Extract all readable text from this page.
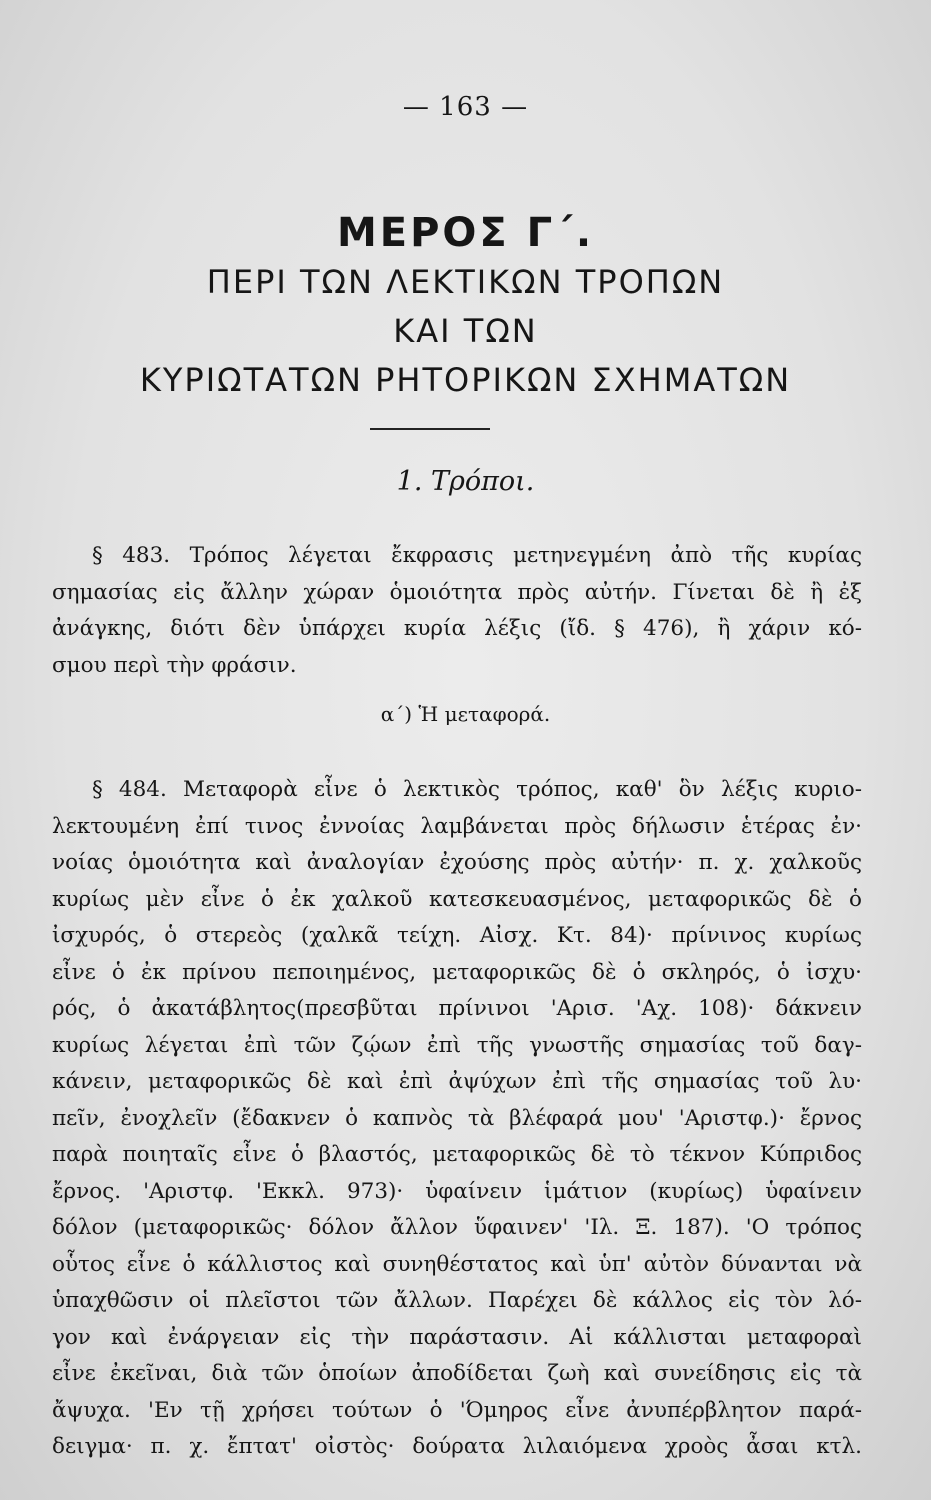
— 163 —
ΜΕΡΟΣ Γ΄.
ΠΕΡΙ ΤΩΝ ΛΕΚΤΙΚΩΝ ΤΡΟΠΩΝ
ΚΑΙ ΤΩΝ
ΚΥΡΙΩΤΑΤΩΝ ΡΗΤΟΡΙΚΩΝ ΣΧΗΜΑΤΩΝ
1. Τρόποι.
§ 483. Τρόπος λέγεται ἔκφρασις μετηνεγμένη ἀπὸ τῆς κυρίας
σημασίας εἰς ἄλλην χώραν ὁμοιότητα πρὸς αὐτήν. Γίνεται δὲ ἢ ἐξ
ἀνάγκης, διότι δὲν ὑπάρχει κυρία λέξις (ἴδ. § 476), ἢ χάριν κό-
σμου περὶ τὴν φράσιν.
α΄) Ἡ μεταφορά.
§ 484. Μεταφορὰ εἶνε ὁ λεκτικὸς τρόπος, καθ' ὃν λέξις κυριο-
λεκτουμένη ἐπί τινος ἐννοίας λαμβάνεται πρὸς δήλωσιν ἑτέρας ἐν·
νοίας ὁμοιότητα καὶ ἀναλογίαν ἐχούσης πρὸς αὐτήν· π. χ. χαλκοῦς
κυρίως μὲν εἶνε ὁ ἐκ χαλκοῦ κατεσκευασμένος, μεταφορικῶς δὲ ὁ
ἰσχυρός, ὁ στερεὸς (χαλκᾶ τείχη. Αἰσχ. Κτ. 84)· πρίνινος κυρίως
εἶνε ὁ ἐκ πρίνου πεποιημένος, μεταφορικῶς δὲ ὁ σκληρός, ὁ ἰσχυ·
ρός, ὁ ἀκατάβλητος(πρεσβῦται πρίνινοι 'Αρισ. 'Αχ. 108)· δάκνειν
κυρίως λέγεται ἐπὶ τῶν ζῴων ἐπὶ τῆς γνωστῆς σημασίας τοῦ δαγ-
κάνειν, μεταφορικῶς δὲ καὶ ἐπὶ ἀψύχων ἐπὶ τῆς σημασίας τοῦ λυ·
πεῖν, ἐνοχλεῖν (ἔδακνεν ὁ καπνὸς τὰ βλέφαρά μου' 'Αριστφ.)· ἔρνος
παρὰ ποιηταῖς εἶνε ὁ βλαστός, μεταφορικῶς δὲ τὸ τέκνον Κύπριδος
ἔρνος. 'Αριστφ. 'Εκκλ. 973)· ὑφαίνειν ἱμάτιον (κυρίως) ὑφαίνειν
δόλον (μεταφορικῶς· δόλον ἄλλον ὕφαινεν' 'Ιλ. Ξ. 187). 'Ο τρόπος
οὗτος εἶνε ὁ κάλλιστος καὶ συνηθέστατος καὶ ὑπ' αὐτὸν δύνανται νὰ
ὑπαχθῶσιν οἱ πλεῖστοι τῶν ἄλλων. Παρέχει δὲ κάλλος εἰς τὸν λό-
γον καὶ ἐνάργειαν εἰς τὴν παράστασιν. Αἱ κάλλισται μεταφοραὶ
εἶνε ἐκεῖναι, διὰ τῶν ὁποίων ἀποδίδεται ζωὴ καὶ συνείδησις εἰς τὰ
ἄψυχα. 'Εν τῇ χρήσει τούτων ὁ 'Όμηρος εἶνε ἀνυπέρβλητον παρά-
δειγμα· π. χ. ἔπτατ' οἰστὸς· δούρατα λιλαιόμενα χροὸς ἆσαι κτλ.
